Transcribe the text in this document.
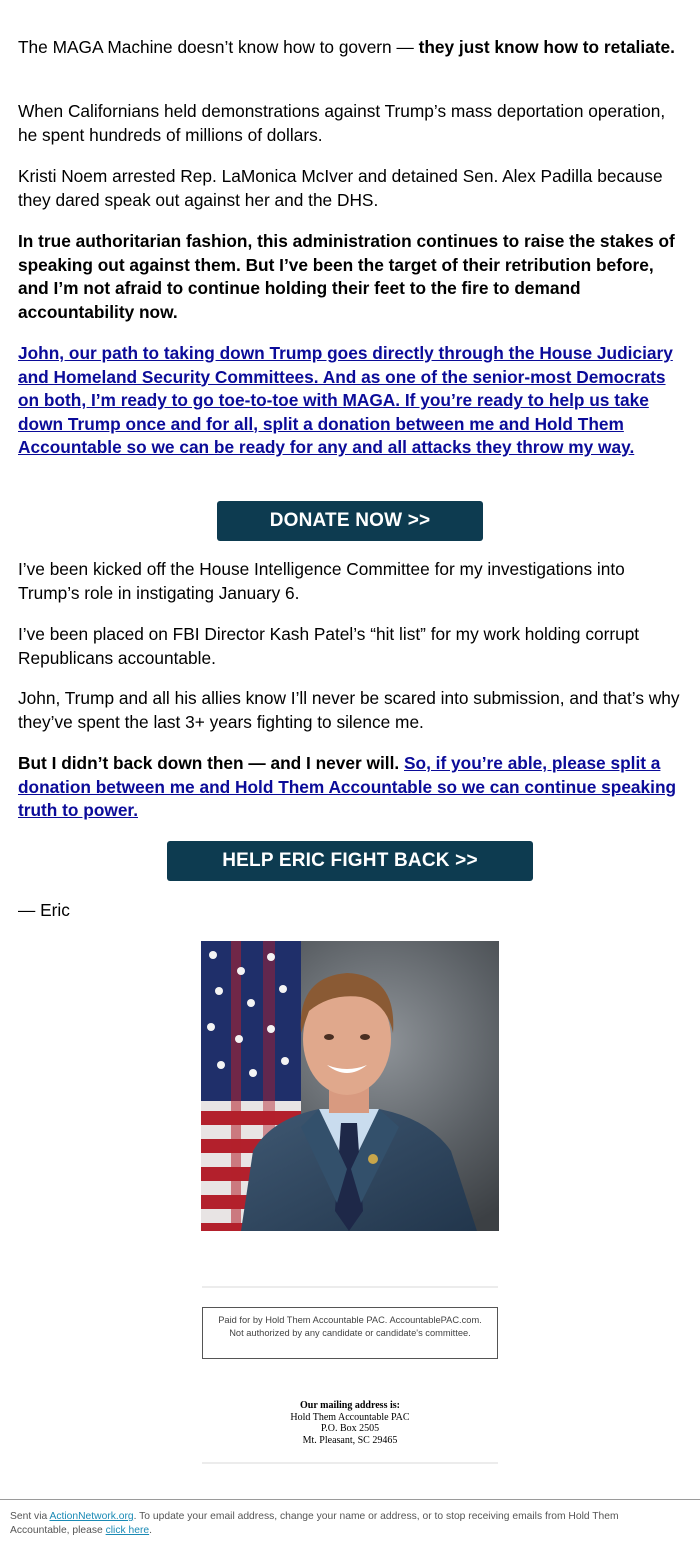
The MAGA Machine doesn’t know how to govern — they just know how to retaliate.

When Californians held demonstrations against Trump’s mass deportation operation, he spent hundreds of millions of dollars.

Kristi Noem arrested Rep. LaMonica McIver and detained Sen. Alex Padilla because they dared speak out against her and the DHS.

In true authoritarian fashion, this administration continues to raise the stakes of speaking out against them. But I’ve been the target of their retribution before, and I’m not afraid to continue holding their feet to the fire to demand accountability now.

John, our path to taking down Trump goes directly through the House Judiciary and Homeland Security Committees. And as one of the senior-most Democrats on both, I’m ready to go toe-to-toe with MAGA. If you’re ready to help us take down Trump once and for all, split a donation between me and Hold Them Accountable so we can be ready for any and all attacks they throw my way.

I’ve been kicked off the House Intelligence Committee for my investigations into Trump’s role in instigating January 6.

I’ve been placed on FBI Director Kash Patel’s “hit list” for my work holding corrupt Republicans accountable.

John, Trump and all his allies know I’ll never be scared into submission, and that’s why they’ve spent the last 3+ years fighting to silence me.

But I didn’t back down then — and I never will. So, if you’re able, please split a donation between me and Hold Them Accountable so we can continue speaking truth to power.

— Eric

DONATE NOW >>
HELP ERIC FIGHT BACK >>
Paid for by Hold Them Accountable PAC. AccountablePAC.com. Not authorized by any candidate or candidate's committee.
Our mailing address is:
Hold Them Accountable PAC
P.O. Box 2505
Mt. Pleasant, SC 29465
Sent via ActionNetwork.org. To update your email address, change your name or address, or to stop receiving emails from Hold Them Accountable, please click here.
